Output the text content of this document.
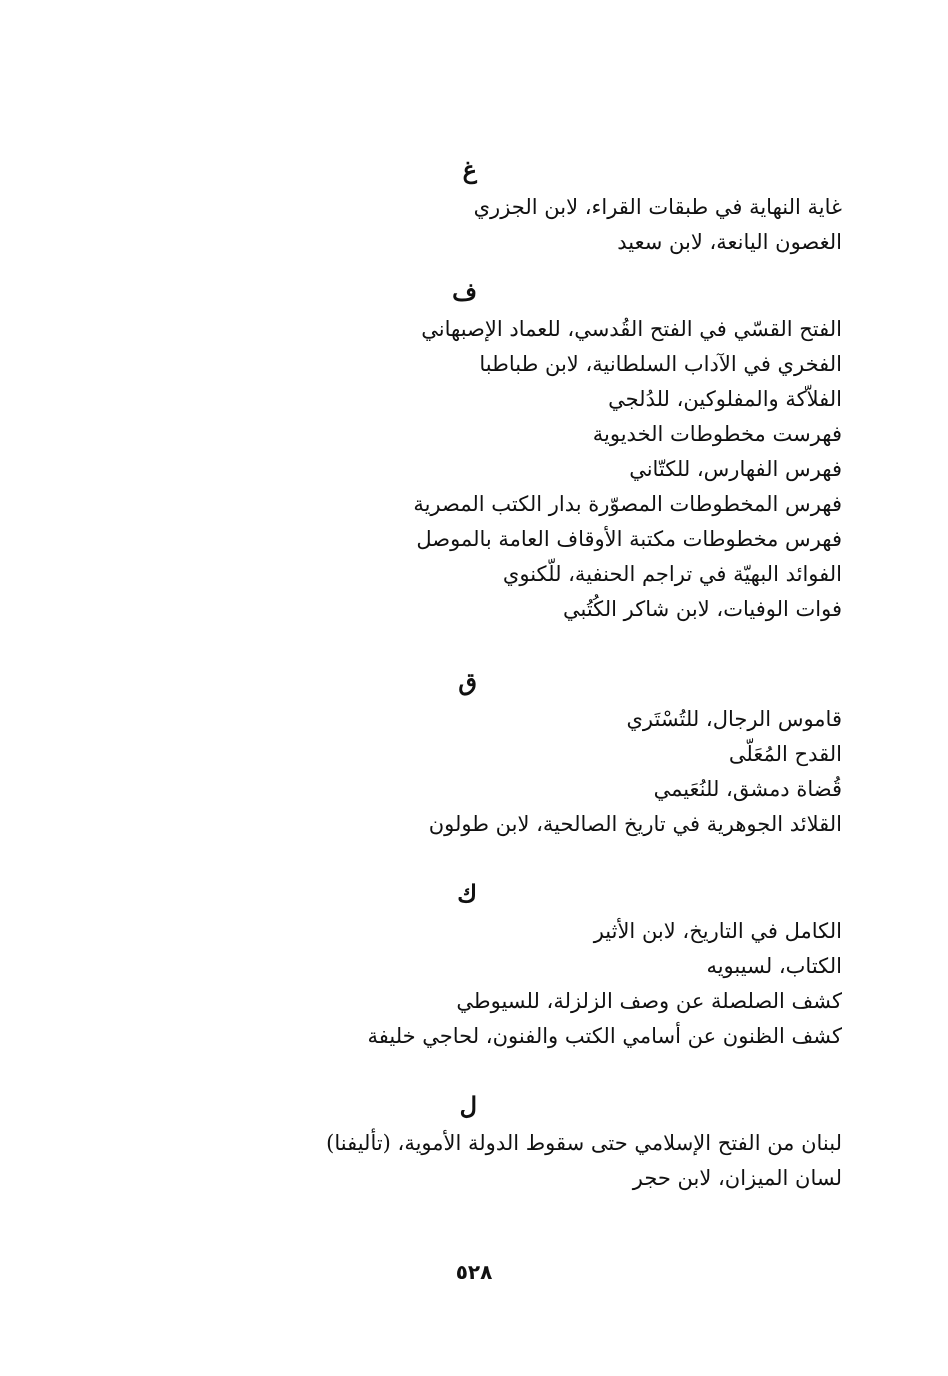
غ
غاية النهاية في طبقات القراء، لابن الجزري
الغصون اليانعة، لابن سعيد
ف
الفتح القسّي في الفتح القُدسي، للعماد الإصبهاني
الفخري في الآداب السلطانية، لابن طباطبا
الفلاّكة والمفلوكين، للدُلجي
فهرست مخطوطات الخديوية
فهرس الفهارس، للكتّاني
فهرس المخطوطات المصوّرة بدار الكتب المصرية
فهرس مخطوطات مكتبة الأوقاف العامة بالموصل
الفوائد البهيّة في تراجم الحنفية، للّكنوي
فوات الوفيات، لابن شاكر الكُتُبي
ق
قاموس الرجال، للتُسْتَري
القدح المُعَلّى
قُضاة دمشق، للنُعَيمي
القلائد الجوهرية في تاريخ الصالحية، لابن طولون
ك
الكامل في التاريخ، لابن الأثير
الكتاب، لسيبويه
كشف الصلصلة عن وصف الزلزلة، للسيوطي
كشف الظنون عن أسامي الكتب والفنون، لحاجي خليفة
ل
لبنان من الفتح الإسلامي حتى سقوط الدولة الأموية، (تأليفنا)
لسان الميزان، لابن حجر
٥٢٨
